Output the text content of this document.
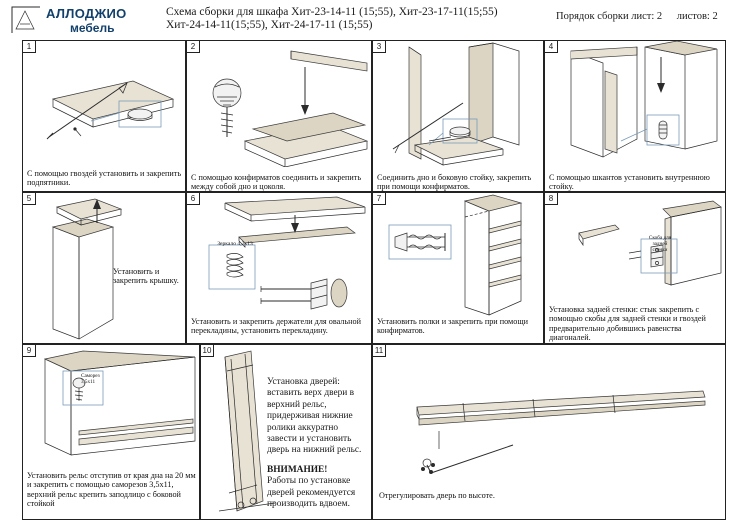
АЛЛОДЖИО
мебель
Схема сборки для шкафа Хит-23-14-11 (15;55), Хит-23-17-11(15;55)
Хит-24-14-11(15;55), Хит-24-17-11 (15;55)
Порядок сборки лист: 2 листов: 2
1
С помощью гвоздей установить и закрепить подпятники.
2
С помощью конфирматов соединить и закрепить между собой дно и цоколя.
3
Соединить дно и боковую стойку, закрепить при помощи конфирматов.
4
С помощью шкантов установить внутреннюю стойку.
5
Установить и закрепить крышку.
6
Зеркало 4,2х13
Установить и закрепить держатели для овальной перекладины, установить перекладину.
7
Установить полки и закрепить при помощи конфирматов.
8
Скоба для задней стенки
Установка задней стенки: стык закрепить с помощью скобы для задней стенки и гвоздей предварительно добившись равенства диагоналей.
9
Саморез 3,5х11
Установить рельс отступив от края дна на 20 мм и закрепить с помощью саморезов 3,5х11, верхний рельс крепить заподлицо с боковой стойкой
10
Установка дверей:
вставить верх двери в
верхний рельс,
придерживая нижние
ролики аккуратно
завести и установить
дверь на нижний рельс.
ВНИМАНИЕ!
Работы по установке
дверей рекомендуется
производить вдвоем.
11
Отрегулировать дверь по высоте.
